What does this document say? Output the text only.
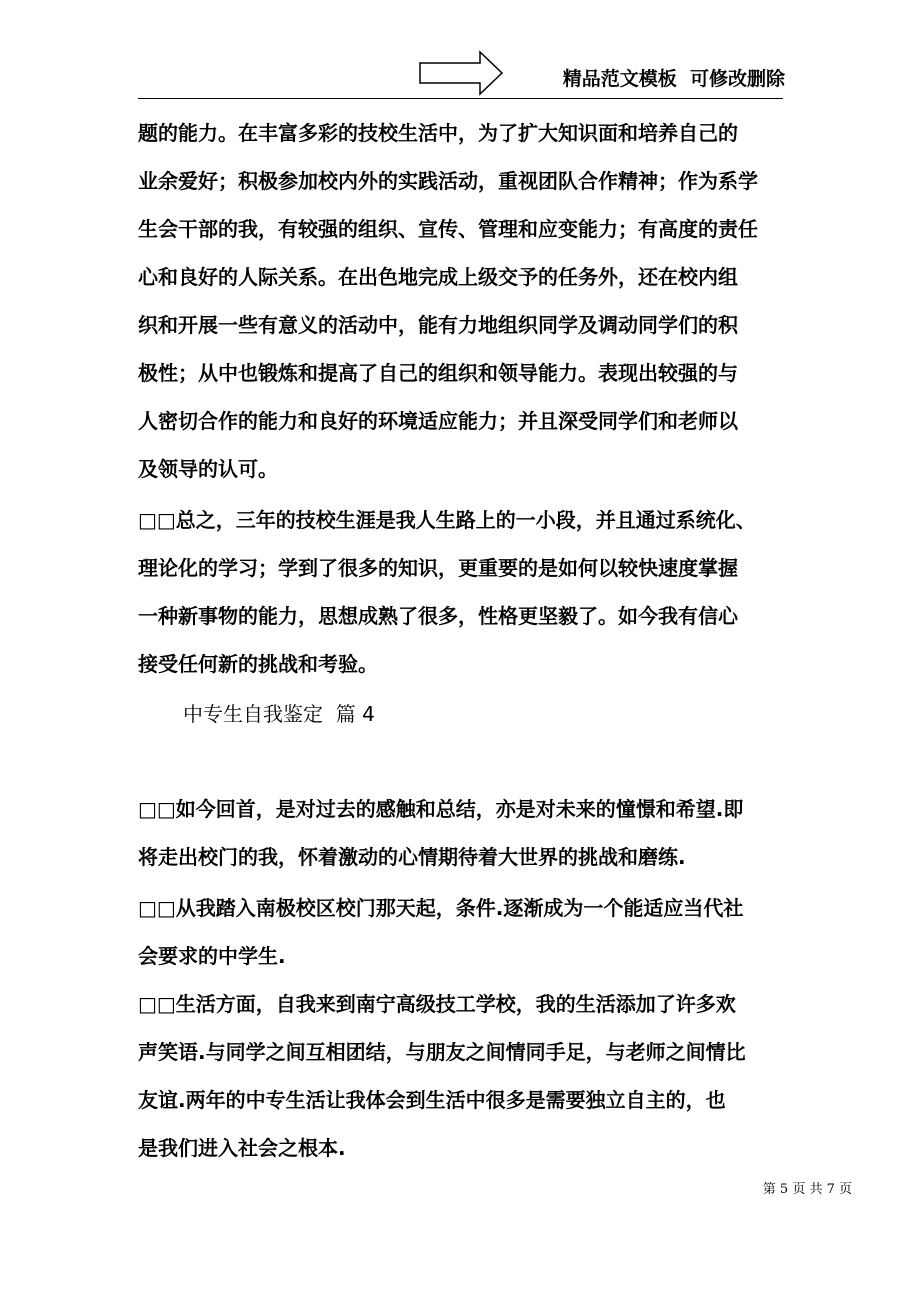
精品范文模板  可修改删除
题的能力。在丰富多彩的技校生活中，为了扩大知识面和培养自己的
业余爱好；积极参加校内外的实践活动，重视团队合作精神；作为系学
生会干部的我，有较强的组织、宣传、管理和应变能力；有高度的责任
心和良好的人际关系。在出色地完成上级交予的任务外，还在校内组
织和开展一些有意义的活动中，能有力地组织同学及调动同学们的积
极性；从中也锻炼和提高了自己的组织和领导能力。表现出较强的与
人密切合作的能力和良好的环境适应能力；并且深受同学们和老师以
及领导的认可。
□□总之，三年的技校生涯是我人生路上的一小段，并且通过系统化、
理论化的学习；学到了很多的知识，更重要的是如何以较快速度掌握
一种新事物的能力，思想成熟了很多，性格更坚毅了。如今我有信心
接受任何新的挑战和考验。
中专生自我鉴定  篇 4
□□如今回首，是对过去的感触和总结，亦是对未来的憧憬和希望.即
将走出校门的我，怀着激动的心情期待着大世界的挑战和磨练.
□□从我踏入南极校区校门那天起，条件.逐渐成为一个能适应当代社
会要求的中学生.
□□生活方面，自我来到南宁高级技工学校，我的生活添加了许多欢
声笑语.与同学之间互相团结，与朋友之间情同手足，与老师之间情比
友谊.两年的中专生活让我体会到生活中很多是需要独立自主的，也
是我们进入社会之根本.
第 5 页 共 7 页
